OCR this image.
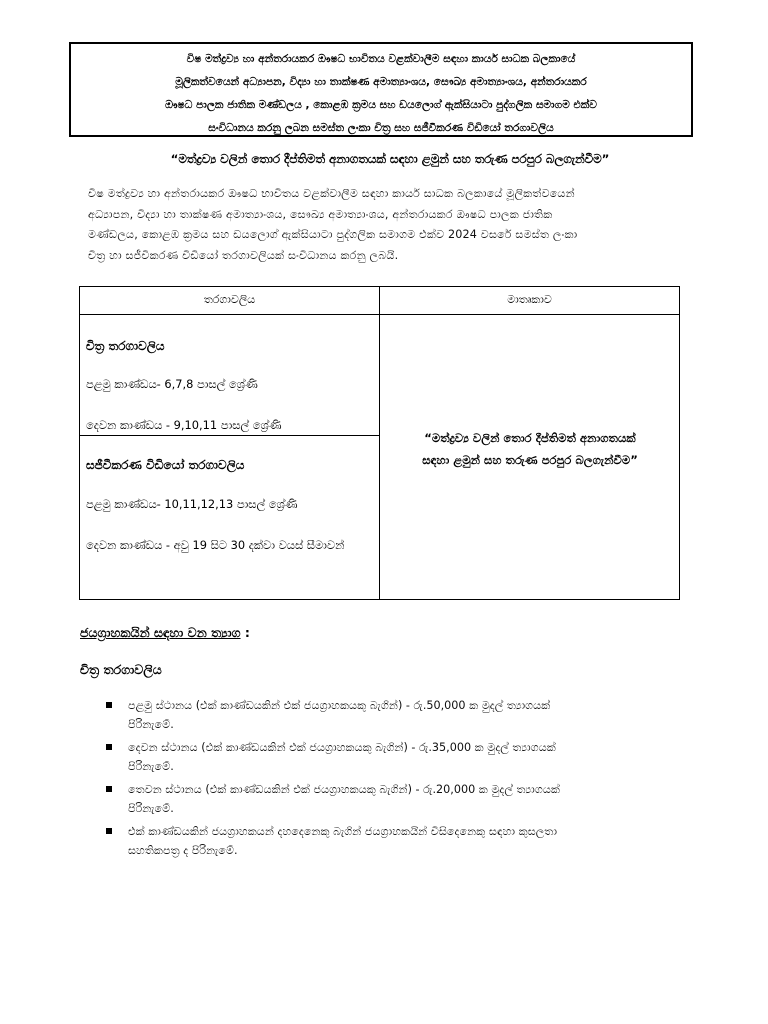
විෂ මත්ද්‍රව්‍ය හා අන්තරායකර ඖෂධ භාවිතය වළක්වාලීම සඳහා කාර්ය සාධක බලකායේ
මූලිකත්වයෙන් අධ්‍යාපන, විද්‍යා හා තාක්ෂණ අමාත්‍යාංශය, සෞඛ්‍ය අමාත්‍යාංශය, අන්තරායකර
ඖෂධ පාලක ජාතික මණ්ඩලය , කොළඹ ක්‍රමය සහ ඩයලොග් ඇක්සියාටා පුද්ගලික සමාගම එක්ව
සංවිධානය කරනු ලබන සමස්ත ලංකා චිත්‍ර සහ සජීවීකරණ විඩියෝ තරගාවලිය
“මත්ද්‍රව්‍ය වලින් තොර දීප්තිමත් අනාගතයක් සඳහා ළමුන් සහ තරුණ පරපුර බලගැන්වීම”
විෂ මත්ද්‍රව්‍ය හා අන්තරායකර ඖෂධ භාවිතය වළක්වාලීම සඳහා කාර්ය සාධක බලකායේ මූලිකත්වයෙන්
අධ්‍යාපන, විද්‍යා හා තාක්ෂණ අමාත්‍යාංශය, සෞඛ්‍ය අමාත්‍යාංශය, අන්තරායකර ඖෂධ පාලක ජාතික
මණ්ඩලය, කොළඹ ක්‍රමය සහ ඩයලොග් ඇක්සියාටා පුද්ගලික සමාගම එක්ව 2024 වසරේ සමස්ත ලංකා
චිත්‍ර හා සජීවීකරණ විඩියෝ තරගාවලියක් සංවිධානය කරනු ලබයි.
තරගාවලිය	මාතෘකාව
චිත්‍ර තරගාවලිය
පළමු කාණ්ඩය- 6,7,8 පාසල් ශ්‍රේණි
දෙවන කාණ්ඩය - 9,10,11 පාසල් ශ්‍රේණි
සජීවීකරණ විඩියෝ තරගාවලිය
පළමු කාණ්ඩය- 10,11,12,13 පාසල් ශ්‍රේණි
දෙවන කාණ්ඩය - අවු 19 සිට 30 දක්වා වයස් සීමාවන්
“මත්ද්‍රව්‍ය වලින් තොර දීප්තිමත් අනාගතයක්
සඳහා ළමුන් සහ තරුණ පරපුර බලගැන්වීම”
ජයග්‍රාහකයින් සඳහා වන ත්‍යාග :
චිත්‍ර තරගාවලිය
පළමු ස්ථානය (එක් කාණ්ඩයකින් එක් ජයග්‍රාහකයකු බැගින්) - රු.50,000 ක මුදල් ත්‍යාගයක්
පිරිනැමේ.
දෙවන ස්ථානය (එක් කාණ්ඩයකින් එක් ජයග්‍රාහකයකු බැගින්) - රු.35,000 ක මුදල් ත්‍යාගයක්
පිරිනැමේ.
තෙවන ස්ථානය (එක් කාණ්ඩයකින් එක් ජයග්‍රාහකයකු බැගින්) - රු.20,000 ක මුදල් ත්‍යාගයක්
පිරිනැමේ.
එක් කාණ්ඩයකින් ජයග්‍රාහකයන් දහදෙනෙකු බැගින් ජයග්‍රාහකයින් විසිදෙනෙකු සඳහා කුසලතා
සහතිකපත්‍ර ද පිරිනැමේ.
